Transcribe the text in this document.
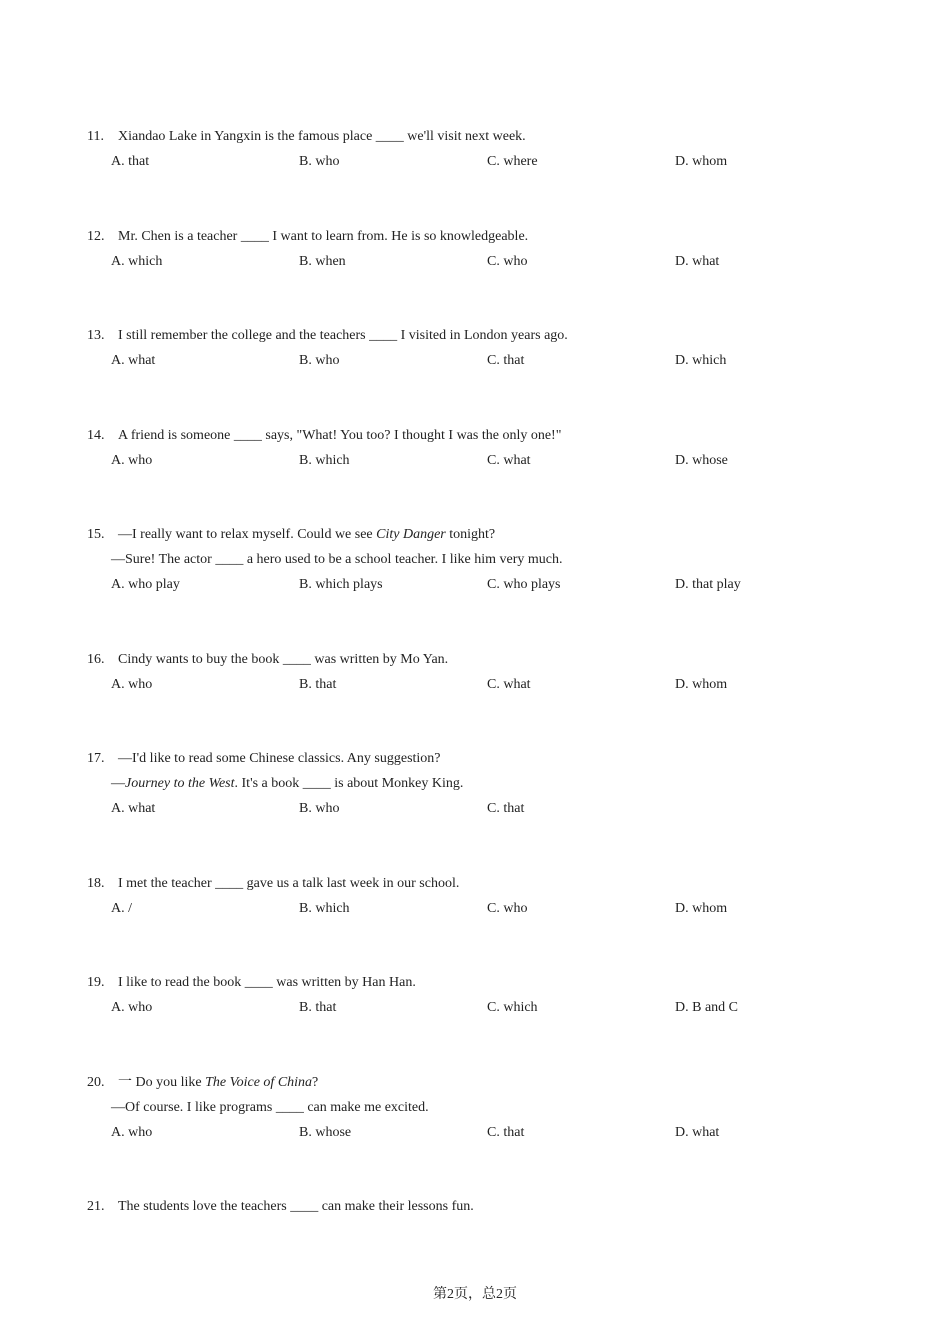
11. Xiandao Lake in Yangxin is the famous place ____ we'll visit next week.
A. that	B. who	C. where	D. whom
12. Mr. Chen is a teacher ____ I want to learn from. He is so knowledgeable.
A. which	B. when	C. who	D. what
13. I still remember the college and the teachers ____ I visited in London years ago.
A. what	B. who	C. that	D. which
14. A friend is someone ____ says, "What! You too? I thought I was the only one!"
A. who	B. which	C. what	D. whose
15. —I really want to relax myself. Could we see City Danger tonight?
—Sure! The actor ____ a hero used to be a school teacher. I like him very much.
A. who play	B. which plays	C. who plays	D. that play
16. Cindy wants to buy the book ____ was written by Mo Yan.
A. who	B. that	C. what	D. whom
17. —I'd like to read some Chinese classics. Any suggestion?
—Journey to the West. It's a book ____ is about Monkey King.
A. what	B. who	C. that
18. I met the teacher ____ gave us a talk last week in our school.
A. /	B. which	C. who	D. whom
19. I like to read the book ____ was written by Han Han.
A. who	B. that	C. which	D. B and C
20. 一 Do you like The Voice of China?
—Of course. I like programs ____ can make me excited.
A. who	B. whose	C. that	D. what
21. The students love the teachers ____ can make their lessons fun.
第2页，总2页
